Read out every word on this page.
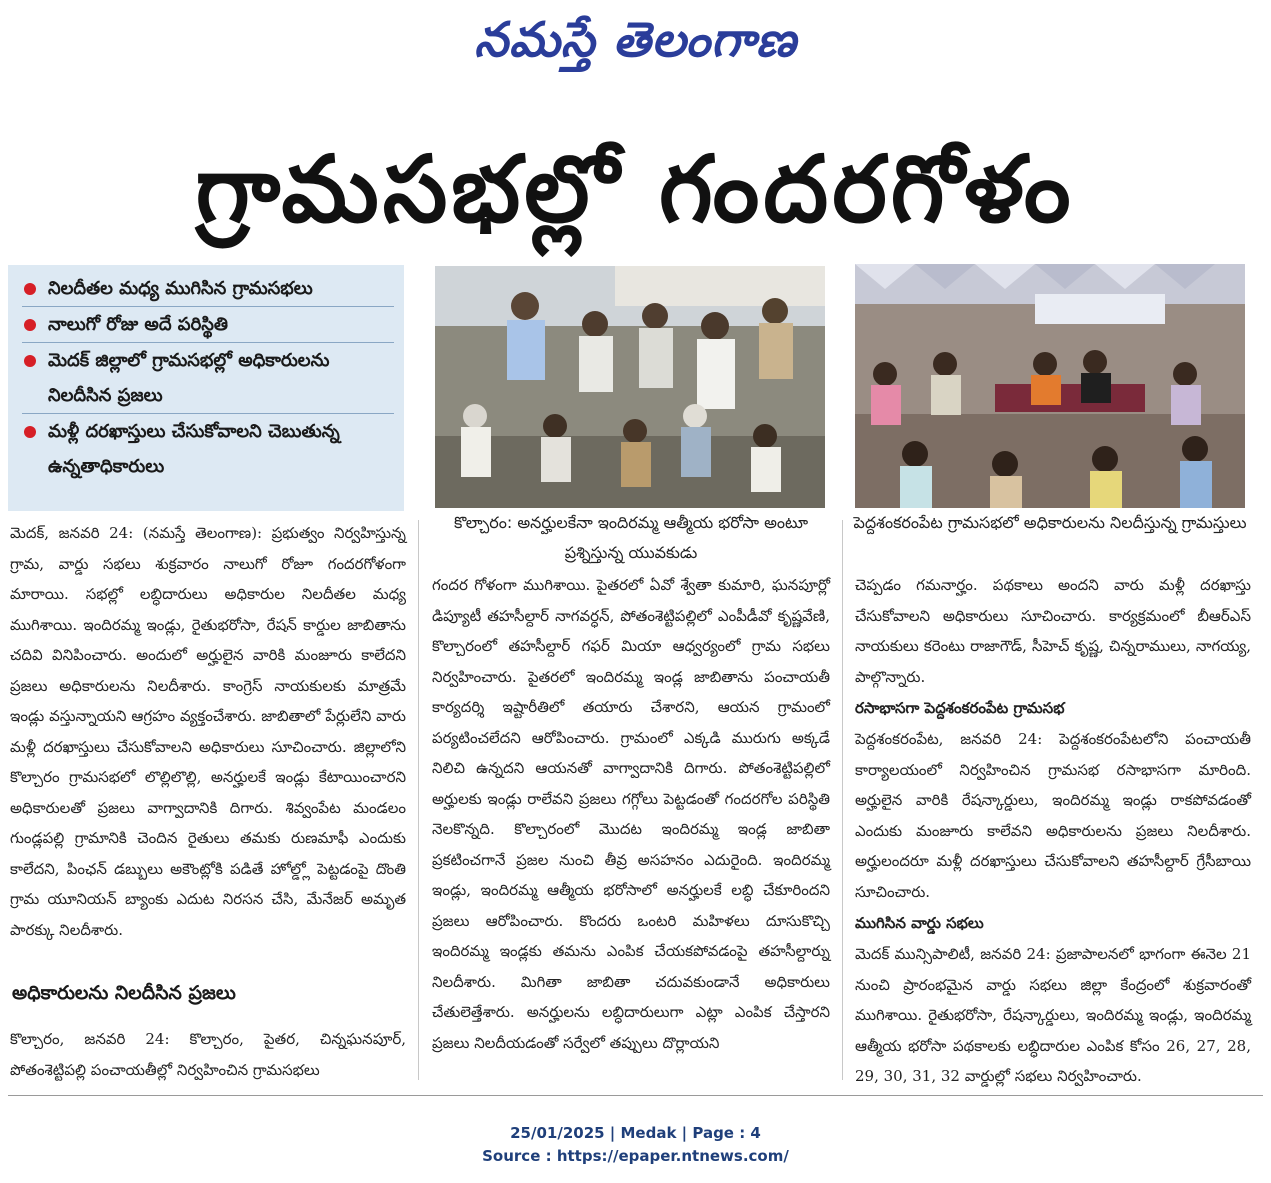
నమస్తే తెలంగాణ
గ్రామసభల్లో గందరగోళం
నిలదీతల మధ్య ముగిసిన గ్రామసభలు
నాలుగో రోజు అదే పరిస్థితి
మెదక్ జిల్లాలో గ్రామసభల్లో అధికారులను నిలదీసిన ప్రజలు
మళ్లీ దరఖాస్తులు చేసుకోవాలని చెబుతున్న ఉన్నతాధికారులు
కొల్చారం: అనర్హులకేనా ఇందిరమ్మ ఆత్మీయ భరోసా అంటూ ప్రశ్నిస్తున్న యువకుడు
పెద్దశంకరంపేట గ్రామసభలో అధికారులను నిలదీస్తున్న గ్రామస్తులు

మెదక్, జనవరి 24: (నమస్తే తెలంగాణ): ప్రభుత్వం నిర్వహిస్తున్న గ్రామ, వార్డు సభలు శుక్రవారం నాలుగో రోజూ గందరగోళంగా మారాయి. సభల్లో లబ్ధిదారులు అధికారుల నిలదీతల మధ్య ముగిశాయి. ఇందిరమ్మ ఇండ్లు, రైతుభరోసా, రేషన్ కార్డుల జాబితాను చదివి వినిపించారు. అందులో అర్హులైన వారికి మంజూరు కాలేదని ప్రజలు అధికారులను నిలదీశారు. కాంగ్రెస్ నాయకులకు మాత్రమే ఇండ్లు వస్తున్నాయని ఆగ్రహం వ్యక్తంచేశారు. జాబితాలో పేర్లులేని వారు మళ్లీ దరఖాస్తులు చేసుకోవాలని అధికారులు సూచించారు. జిల్లాలోని కొల్చారం గ్రామసభలో లొల్లిలొల్లి, అనర్హులకే ఇండ్లు కేటాయించారని అధికారులతో ప్రజలు వాగ్వాదానికి దిగారు. శివ్వంపేట మండలం గుండ్లపల్లి గ్రామానికి చెందిన రైతులు తమకు రుణమాఫీ ఎందుకు కాలేదని, పింఛన్ డబ్బులు అకౌంట్లోకి పడితే హోల్డ్లో పెట్టడంపై దొంతి గ్రామ యూనియన్ బ్యాంకు ఎదుట నిరసన చేసి, మేనేజర్ అమృత పారక్కు నిలదీశారు.

అధికారులను నిలదీసిన ప్రజలు

కొల్చారం, జనవరి 24: కొల్చారం, పైతర, చిన్నఘనపూర్, పోతంశెట్టిపల్లి పంచాయతీల్లో నిర్వహించిన గ్రామసభలు

గందర గోళంగా ముగిశాయి. పైతరలో ఏవో శ్వేతా కుమారి, ఘనపూర్లో డిప్యూటీ తహసీల్దార్ నాగవర్ధన్, పోతంశెట్టిపల్లిలో ఎంపీడీవో కృష్ణవేణి, కొల్చారంలో తహసీల్దార్ గఫర్ మియా ఆధ్వర్యంలో గ్రామ సభలు నిర్వహించారు. పైతరలో ఇందిరమ్మ ఇండ్ల జాబితాను పంచాయతీ కార్యదర్శి ఇష్టారీతిలో తయారు చేశారని, ఆయన గ్రామంలో పర్యటించలేదని ఆరోపించారు. గ్రామంలో ఎక్కడి మురుగు అక్కడే నిలిచి ఉన్నదని ఆయనతో వాగ్వాదానికి దిగారు. పోతంశెట్టిపల్లిలో అర్హులకు ఇండ్లు రాలేవని ప్రజలు గగ్గోలు పెట్టడంతో గందరగోల పరిస్థితి నెలకొన్నది. కొల్చారంలో మొదట ఇందిరమ్మ ఇండ్ల జాబితా ప్రకటించగానే ప్రజల నుంచి తీవ్ర అసహనం ఎదురైంది. ఇందిరమ్మ ఇండ్లు, ఇందిరమ్మ ఆత్మీయ భరోసాలో అనర్హులకే లబ్ధి చేకూరిందని ప్రజలు ఆరోపించారు. కొందరు ఒంటరి మహిళలు దూసుకొచ్చి ఇందిరమ్మ ఇండ్లకు తమను ఎంపిక చేయకపోవడంపై తహసీల్దార్ను నిలదీశారు. మిగితా జాబితా చదువకుండానే అధికారులు చేతులెత్తేశారు. అనర్హులను లబ్ధిదారులుగా ఎట్లా ఎంపిక చేస్తారని ప్రజలు నిలదీయడంతో సర్వేలో తప్పులు దొర్లాయని

చెప్పడం గమనార్హం. పథకాలు అందని వారు మళ్లీ దరఖాస్తు చేసుకోవాలని అధికారులు సూచించారు. కార్యక్రమంలో బీఆర్ఎస్ నాయకులు కరెంటు రాజాగౌడ్, సీహెచ్ కృష్ణ, చిన్నరాములు, నాగయ్య, పాల్గొన్నారు.

రసాభాసగా పెద్దశంకరంపేట గ్రామసభ

పెద్దశంకరంపేట, జనవరి 24: పెద్దశంకరంపేటలోని పంచాయతీ కార్యాలయంలో నిర్వహించిన గ్రామసభ రసాభాసగా మారింది. అర్హులైన వారికి రేషన్కార్డులు, ఇందిరమ్మ ఇండ్లు రాకపోవడంతో ఎందుకు మంజూరు కాలేవని అధికారులను ప్రజలు నిలదీశారు. అర్హులందరూ మళ్లీ దరఖాస్తులు చేసుకోవాలని తహసీల్దార్ గ్రేసీబాయి సూచించారు.

ముగిసిన వార్డు సభలు

మెదక్ మున్సిపాలిటీ, జనవరి 24: ప్రజాపాలనలో భాగంగా ఈనెల 21 నుంచి ప్రారంభమైన వార్డు సభలు జిల్లా కేంద్రంలో శుక్రవారంతో ముగిశాయి. రైతుభరోసా, రేషన్కార్డులు, ఇందిరమ్మ ఇండ్లు, ఇందిరమ్మ ఆత్మీయ భరోసా పథకాలకు లబ్ధిదారుల ఎంపిక కోసం 26, 27, 28, 29, 30, 31, 32 వార్డుల్లో సభలు నిర్వహించారు.

25/01/2025 | Medak | Page : 4
Source : https://epaper.ntnews.com/
